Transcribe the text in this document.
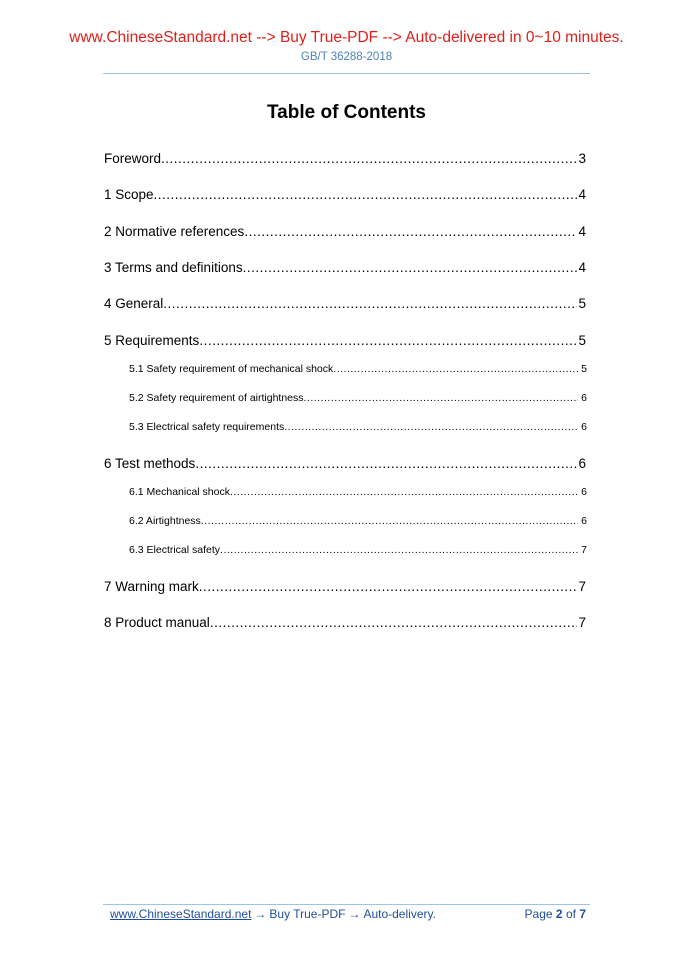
www.ChineseStandard.net --> Buy True-PDF --> Auto-delivered in 0~10 minutes.
GB/T 36288-2018
Table of Contents
Foreword .....	3
1 Scope .....	4
2 Normative references .....	4
3 Terms and definitions .....	4
4 General .....	5
5 Requirements .....	5
5.1 Safety requirement of mechanical shock .....	5
5.2 Safety requirement of airtightness .....	6
5.3 Electrical safety requirements .....	6
6 Test methods .....	6
6.1 Mechanical shock .....	6
6.2 Airtightness .....	6
6.3 Electrical safety .....	7
7 Warning mark .....	7
8 Product manual .....	7
www.ChineseStandard.net → Buy True-PDF → Auto-delivery.	Page 2 of 7
